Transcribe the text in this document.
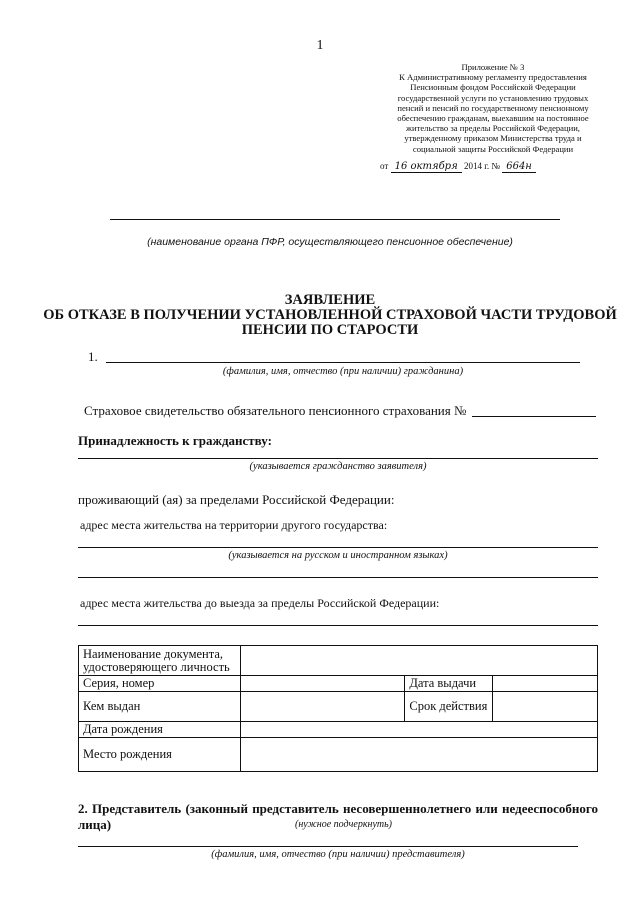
1
Приложение № 3
К Административному регламенту предоставления
Пенсионным фондом Российской Федерации
государственной услуги по установлению трудовых
пенсий и пенсий по государственному пенсионному
обеспечению гражданам, выехавшим на постоянное
жительство за пределы Российской Федерации,
утвержденному приказом Министерства труда и
социальной защиты Российской Федерации
от 16 октября 2014 г. № 664н
(наименование органа ПФР, осуществляющего пенсионное обеспечение)
ЗАЯВЛЕНИЕ
ОБ ОТКАЗЕ В ПОЛУЧЕНИИ УСТАНОВЛЕННОЙ СТРАХОВОЙ ЧАСТИ ТРУДОВОЙ
ПЕНСИИ ПО СТАРОСТИ
1.
(фамилия, имя, отчество (при наличии) гражданина)
Страховое свидетельство обязательного пенсионного страхования №
Принадлежность к гражданству:
(указывается гражданство заявителя)
проживающий (ая) за пределами Российской Федерации:
адрес места жительства на территории другого государства:
(указывается на русском и иностранном языках)
адрес места жительства до выезда за пределы Российской Федерации:
Наименование документа, удостоверяющего личность			
Серия, номер		Дата выдачи	
Кем выдан		Срок действия	
Дата рождения			
Место рождения			
2. Представитель (законный представитель несовершеннолетнего или недееспособного лица)	(нужное подчеркнуть)
(фамилия, имя, отчество (при наличии) представителя)
